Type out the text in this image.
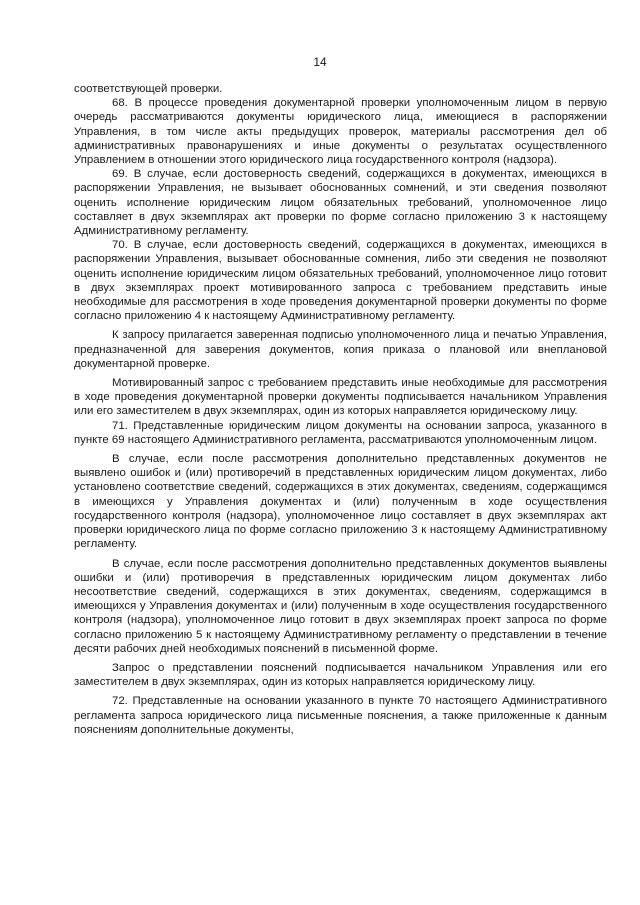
14

соответствующей проверки.

68. В процессе проведения документарной проверки уполномоченным лицом в первую очередь рассматриваются документы юридического лица, имеющиеся в распоряжении Управления, в том числе акты предыдущих проверок, материалы рассмотрения дел об административных правонарушениях и иные документы о результатах осуществленного Управлением в отношении этого юридического лица государственного контроля (надзора).

69. В случае, если достоверность сведений, содержащихся в документах, имеющихся в распоряжении Управления, не вызывает обоснованных сомнений, и эти сведения позволяют оценить исполнение юридическим лицом обязательных требований, уполномоченное лицо составляет в двух экземплярах акт проверки по форме согласно приложению 3 к настоящему Административному регламенту.

70. В случае, если достоверность сведений, содержащихся в документах, имеющихся в распоряжении Управления, вызывает обоснованные сомнения, либо эти сведения не позволяют оценить исполнение юридическим лицом обязательных требований, уполномоченное лицо готовит в двух экземплярах проект мотивированного запроса с требованием представить иные необходимые для рассмотрения в ходе проведения документарной проверки документы по форме согласно приложению 4 к настоящему Административному регламенту.

К запросу прилагается заверенная подписью уполномоченного лица и печатью Управления, предназначенной для заверения документов, копия приказа о плановой или внеплановой документарной проверке.

Мотивированный запрос с требованием представить иные необходимые для рассмотрения в ходе проведения документарной проверки документы подписывается начальником Управления или его заместителем в двух экземплярах, один из которых направляется юридическому лицу.

71. Представленные юридическим лицом документы на основании запроса, указанного в пункте 69 настоящего Административного регламента, рассматриваются уполномоченным лицом.

В случае, если после рассмотрения дополнительно представленных документов не выявлено ошибок и (или) противоречий в представленных юридическим лицом документах, либо установлено соответствие сведений, содержащихся в этих документах, сведениям, содержащимся в имеющихся у Управления документах и (или) полученным в ходе осуществления государственного контроля (надзора), уполномоченное лицо составляет в двух экземплярах акт проверки юридического лица по форме согласно приложению 3 к настоящему Административному регламенту.

В случае, если после рассмотрения дополнительно представленных документов выявлены ошибки и (или) противоречия в представленных юридическим лицом документах либо несоответствие сведений, содержащихся в этих документах, сведениям, содержащимся в имеющихся у Управления документах и (или) полученным в ходе осуществления государственного контроля (надзора), уполномоченное лицо готовит в двух экземплярах проект запроса по форме согласно приложению 5 к настоящему Административному регламенту о представлении в течение десяти рабочих дней необходимых пояснений в письменной форме.

Запрос о представлении пояснений подписывается начальником Управления или его заместителем в двух экземплярах, один из которых направляется юридическому лицу.

72. Представленные на основании указанного в пункте 70 настоящего Административного регламента запроса юридического лица письменные пояснения, а также приложенные к данным пояснениям дополнительные документы,
